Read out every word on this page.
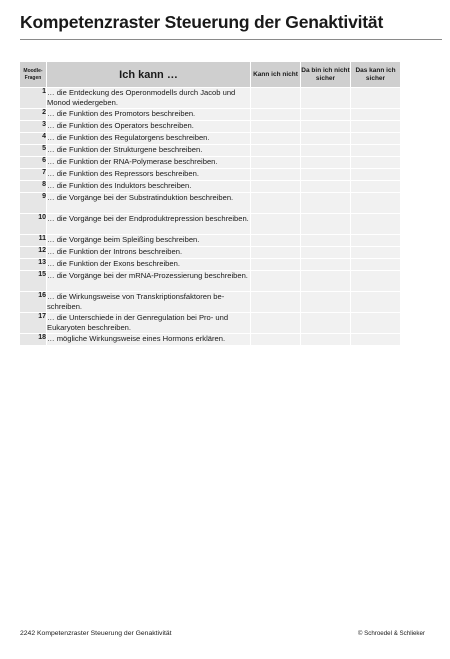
Kompetenzraster Steuerung der Genaktivität
Moodle-Fragen	Ich kann …	Kann ich nicht	Da bin ich nicht sicher	Das kann ich sicher
1	… die Entdeckung des Operonmodells durch Jacob und Monod wiedergeben.			
2	… die Funktion des Promotors beschreiben.			
3	… die Funktion des Operators beschreiben.			
4	… die Funktion des Regulatorgens beschreiben.			
5	… die Funktion der Strukturgene beschreiben.			
6	… die Funktion der RNA-Polymerase beschreiben.			
7	… die Funktion des Repressors beschreiben.			
8	… die Funktion des Induktors beschreiben.			
9	… die Vorgänge bei der Substratinduktion beschreiben.			
10	… die Vorgänge bei der Endproduktrepression beschreiben.			
11	… die Vorgänge beim Spleißing beschreiben.			
12	… die Funktion der Introns beschreiben.			
13	… die Funktion der Exons beschreiben.			
15	… die Vorgänge bei der mRNA-Prozessierung beschreiben.			
16	… die Wirkungsweise von Transkriptionsfaktoren beschreiben.			
17	… die Unterschiede in der Genregulation bei Pro- und Eukaryoten beschreiben.			
18	… mögliche Wirkungsweise eines Hormons erklären.			
2242 Kompetenzraster Steuerung der Genaktivität	© Schroedel & Schlieker
